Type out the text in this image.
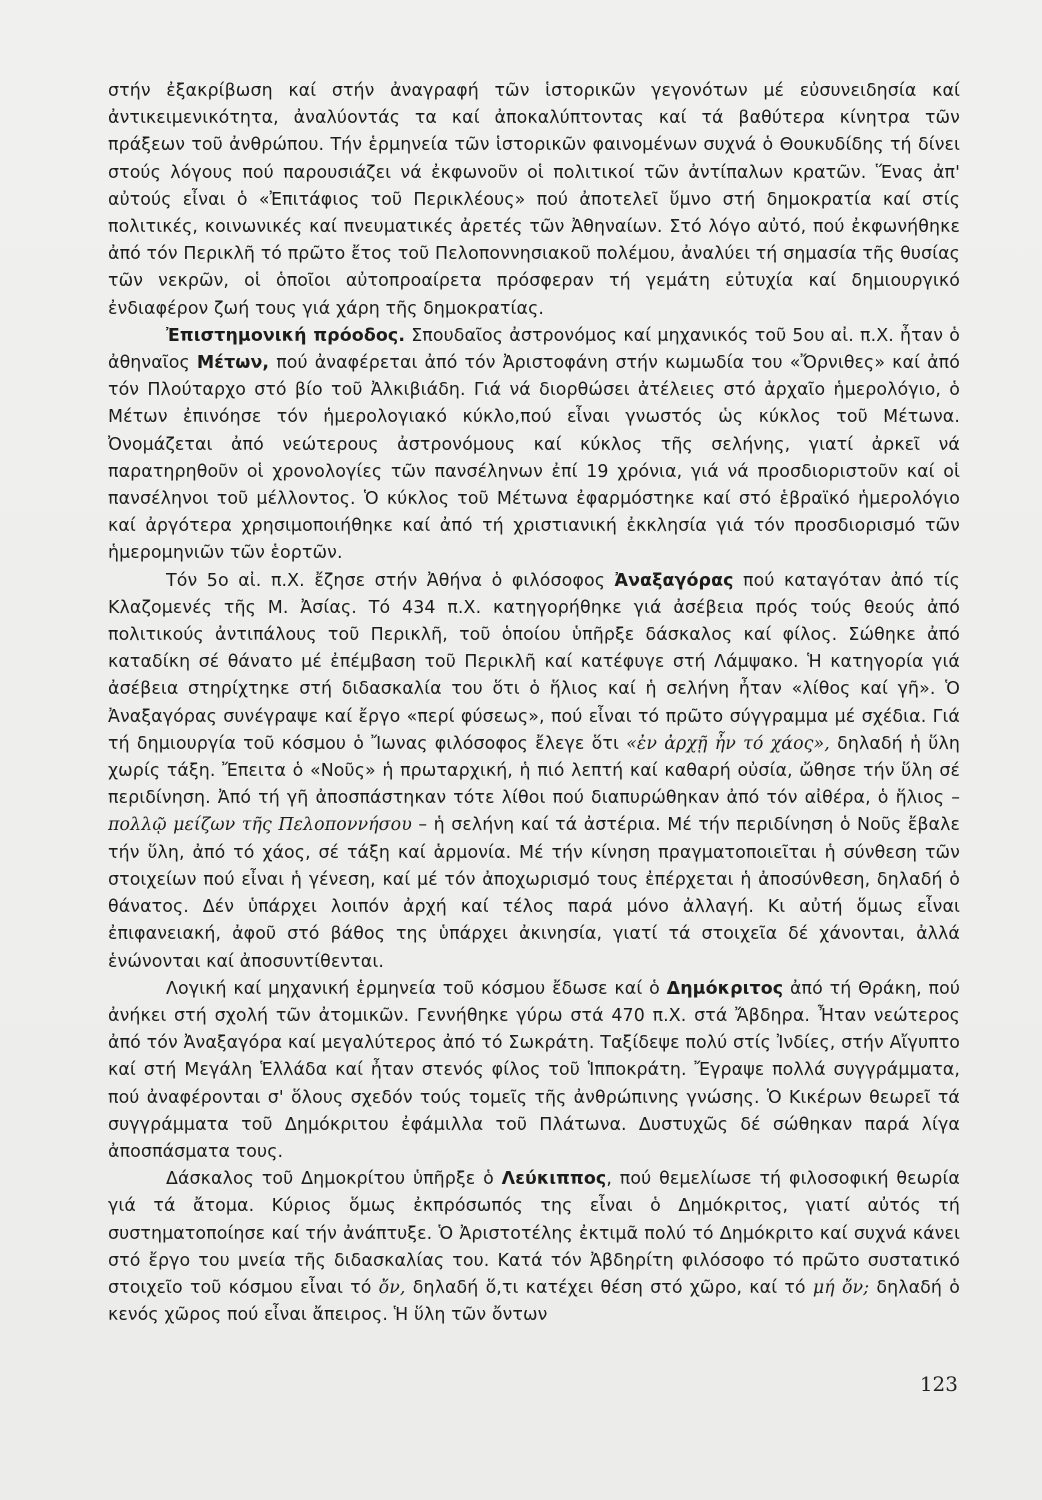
στήν ἐξακρίβωση καί στήν ἀναγραφή τῶν ἱστορικῶν γεγονότων μέ εὐσυνειδησία καί ἀντικειμενικότητα, ἀναλύοντάς τα καί ἀποκαλύπτοντας καί τά βαθύτερα κίνητρα τῶν πράξεων τοῦ ἀνθρώπου. Τήν ἑρμηνεία τῶν ἱστορικῶν φαινομένων συχνά ὁ Θουκυδίδης τή δίνει στούς λόγους πού παρουσιάζει νά ἐκφωνοῦν οἱ πολιτικοί τῶν ἀντίπαλων κρατῶν. Ἕνας ἀπ' αὐτούς εἶναι ὁ «Ἐπιτάφιος τοῦ Περικλέους» πού ἀποτελεῖ ὕμνο στή δημοκρατία καί στίς πολιτικές, κοινωνικές καί πνευματικές ἀρετές τῶν Ἀθηναίων. Στό λόγο αὐτό, πού ἐκφωνήθηκε ἀπό τόν Περικλῆ τό πρῶτο ἔτος τοῦ Πελοποννησιακοῦ πολέμου, ἀναλύει τή σημασία τῆς θυσίας τῶν νεκρῶν, οἱ ὁποῖοι αὐτοπροαίρετα πρόσφεραν τή γεμάτη εὐτυχία καί δημιουργικό ἐνδιαφέρον ζωή τους γιά χάρη τῆς δημοκρατίας.

Ἐπιστημονική πρόοδος. Σπουδαῖος ἀστρονόμος καί μηχανικός τοῦ 5ου αἰ. π.Χ. ἦταν ὁ ἀθηναῖος Μέτων, πού ἀναφέρεται ἀπό τόν Ἀριστοφάνη στήν κωμωδία του «Ὄρνιθες» καί ἀπό τόν Πλούταρχο στό βίο τοῦ Ἀλκιβιάδη. Γιά νά διορθώσει ἀτέλειες στό ἀρχαῖο ἡμερολόγιο, ὁ Μέτων ἐπινόησε τόν ἡμερολογιακό κύκλο,πού εἶναι γνωστός ὡς κύκλος τοῦ Μέτωνα. Ὀνομάζεται ἀπό νεώτερους ἀστρονόμους καί κύκλος τῆς σελήνης, γιατί ἀρκεῖ νά παρατηρηθοῦν οἱ χρονολογίες τῶν πανσέληνων ἐπί 19 χρόνια, γιά νά προσδιοριστοῦν καί οἱ πανσέληνοι τοῦ μέλλοντος. Ὁ κύκλος τοῦ Μέτωνα ἐφαρμόστηκε καί στό ἑβραϊκό ἡμερολόγιο καί ἀργότερα χρησιμοποιήθηκε καί ἀπό τή χριστιανική ἐκκλησία γιά τόν προσδιορισμό τῶν ἡμερομηνιῶν τῶν ἑορτῶν.

Τόν 5ο αἰ. π.Χ. ἔζησε στήν Ἀθήνα ὁ φιλόσοφος Ἀναξαγόρας πού καταγόταν ἀπό τίς Κλαζομενές τῆς Μ. Ἀσίας. Τό 434 π.Χ. κατηγορήθηκε γιά ἀσέβεια πρός τούς θεούς ἀπό πολιτικούς ἀντιπάλους τοῦ Περικλῆ, τοῦ ὁποίου ὑπῆρξε δάσκαλος καί φίλος. Σώθηκε ἀπό καταδίκη σέ θάνατο μέ ἐπέμβαση τοῦ Περικλῆ καί κατέφυγε στή Λάμψακο. Ἡ κατηγορία γιά ἀσέβεια στηρίχτηκε στή διδασκαλία του ὅτι ὁ ἥλιος καί ἡ σελήνη ἦταν «λίθος καί γῆ». Ὁ Ἀναξαγόρας συνέγραψε καί ἔργο «περί φύσεως», πού εἶναι τό πρῶτο σύγγραμμα μέ σχέδια. Γιά τή δημιουργία τοῦ κόσμου ὁ Ἴωνας φιλόσοφος ἔλεγε ὅτι «ἐν ἀρχῇ ἦν τό χάος», δηλαδή ἡ ὕλη χωρίς τάξη. Ἔπειτα ὁ «Νοῦς» ἡ πρωταρχική, ἡ πιό λεπτή καί καθαρή οὐσία, ὤθησε τήν ὕλη σέ περιδίνηση. Ἀπό τή γῆ ἀποσπάστηκαν τότε λίθοι πού διαπυρώθηκαν ἀπό τόν αἰθέρα, ὁ ἥλιος – πολλῷ μείζων τῆς Πελοποννήσου – ἡ σελήνη καί τά ἀστέρια. Μέ τήν περιδίνηση ὁ Νοῦς ἔβαλε τήν ὕλη, ἀπό τό χάος, σέ τάξη καί ἁρμονία. Μέ τήν κίνηση πραγματοποιεῖται ἡ σύνθεση τῶν στοιχείων πού εἶναι ἡ γένεση, καί μέ τόν ἀποχωρισμό τους ἐπέρχεται ἡ ἀποσύνθεση, δηλαδή ὁ θάνατος. Δέν ὑπάρχει λοιπόν ἀρχή καί τέλος παρά μόνο ἀλλαγή. Κι αὐτή ὅμως εἶναι ἐπιφανειακή, ἀφοῦ στό βάθος της ὑπάρχει ἀκινησία, γιατί τά στοιχεῖα δέ χάνονται, ἀλλά ἑνώνονται καί ἀποσυντίθενται.

Λογική καί μηχανική ἑρμηνεία τοῦ κόσμου ἔδωσε καί ὁ Δημόκριτος ἀπό τή Θράκη, πού ἀνήκει στή σχολή τῶν ἀτομικῶν. Γεννήθηκε γύρω στά 470 π.Χ. στά Ἄβδηρα. Ἦταν νεώτερος ἀπό τόν Ἀναξαγόρα καί μεγαλύτερος ἀπό τό Σωκράτη. Ταξίδεψε πολύ στίς Ἰνδίες, στήν Αἴγυπτο καί στή Μεγάλη Ἑλλάδα καί ἦταν στενός φίλος τοῦ Ἱπποκράτη. Ἔγραψε πολλά συγγράμματα, πού ἀναφέρονται σ' ὅλους σχεδόν τούς τομεῖς τῆς ἀνθρώπινης γνώσης. Ὁ Κικέρων θεωρεῖ τά συγγράμματα τοῦ Δημόκριτου ἐφάμιλλα τοῦ Πλάτωνα. Δυστυχῶς δέ σώθηκαν παρά λίγα ἀποσπάσματα τους.

Δάσκαλος τοῦ Δημοκρίτου ὑπῆρξε ὁ Λεύκιππος, πού θεμελίωσε τή φιλοσοφική θεωρία γιά τά ἄτομα. Κύριος ὅμως ἐκπρόσωπός της εἶναι ὁ Δημόκριτος, γιατί αὐτός τή συστηματοποίησε καί τήν ἀνάπτυξε. Ὁ Ἀριστοτέλης ἐκτιμᾶ πολύ τό Δημόκριτο καί συχνά κάνει στό ἔργο του μνεία τῆς διδασκαλίας του. Κατά τόν Ἀβδηρίτη φιλόσοφο τό πρῶτο συστατικό στοιχεῖο τοῦ κόσμου εἶναι τό ὄν, δηλαδή ὅ,τι κατέχει θέση στό χῶρο, καί τό μή ὄν; δηλαδή ὁ κενός χῶρος πού εἶναι ἄπειρος. Ἡ ὕλη τῶν ὄντων

123
